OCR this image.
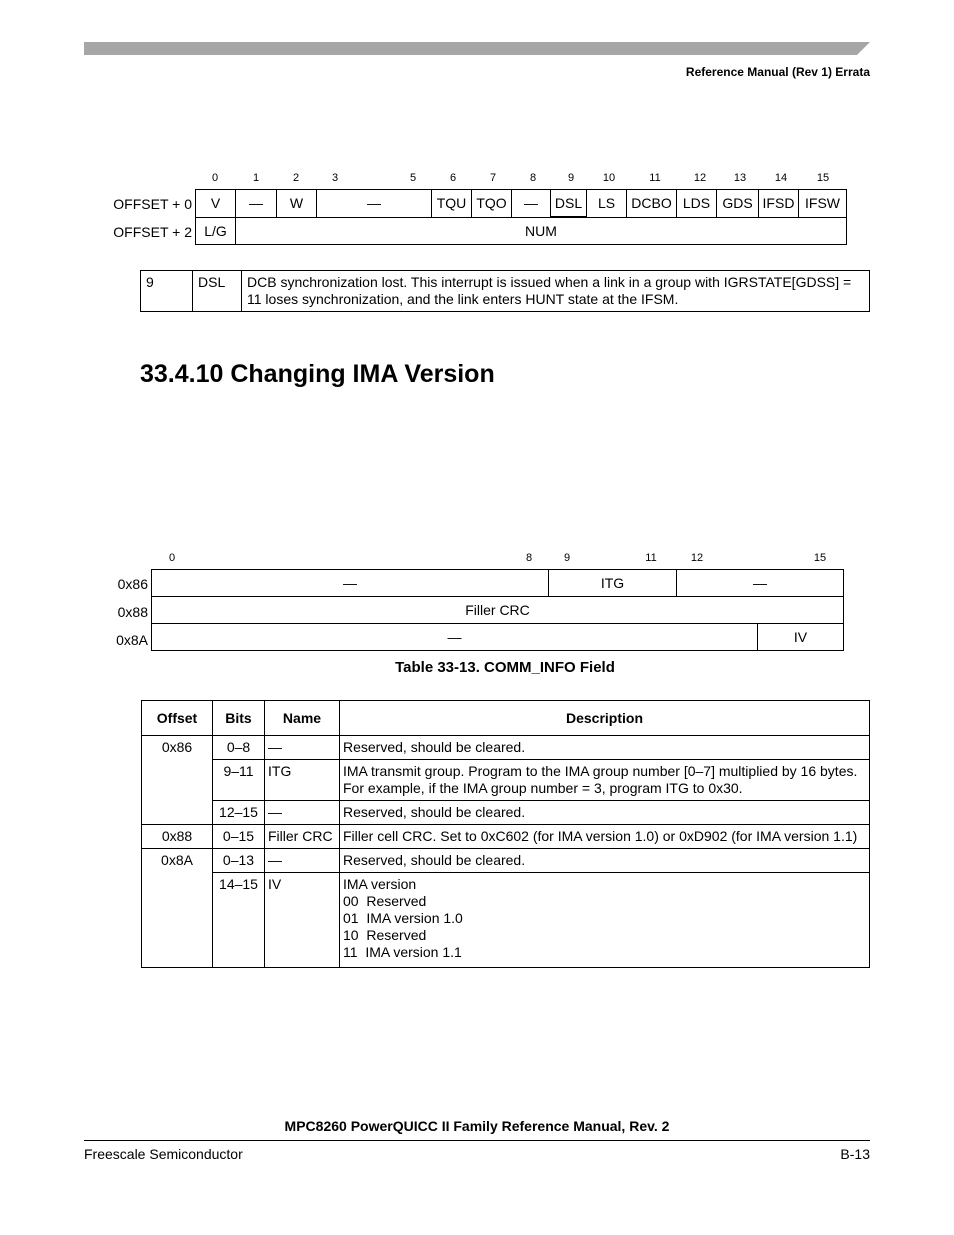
Reference Manual (Rev 1) Errata
0	1	2	3	5	6	7	8	9	10	11	12	13	14	15
OFFSET + 0
OFFSET + 2
V	—	W	—	TQU	TQO	—	DSL	LS	DCBO	LDS	GDS	IFSD	IFSW
L/G	NUM												
9	DSL	DCB synchronization lost. This interrupt is issued when a link in a group with IGRSTATE[GDSS] = 11 loses synchronization, and the link enters HUNT state at the IFSM.
33.4.10 Changing IMA Version
0	8	9	11	12	15
0x86
0x88
0x8A
—	ITG	—	
Filler CRC			
—			IV
Table 33-13. COMM_INFO Field
Offset	Bits	Name	Description
0x86	0–8	—	Reserved, should be cleared.
	9–11	ITG	IMA transmit group. Program to the IMA group number [0–7] multiplied by 16 bytes. For example, if the IMA group number = 3, program ITG to 0x30.
	12–15	—	Reserved, should be cleared.
0x88	0–15	Filler CRC	Filler cell CRC. Set to 0xC602 (for IMA version 1.0) or 0xD902 (for IMA version 1.1)
0x8A	0–13	—	Reserved, should be cleared.
	14–15	IV	IMA version
00  Reserved
01  IMA version 1.0
10  Reserved
11  IMA version 1.1
MPC8260 PowerQUICC II Family Reference Manual, Rev. 2
Freescale Semiconductor	B-13
